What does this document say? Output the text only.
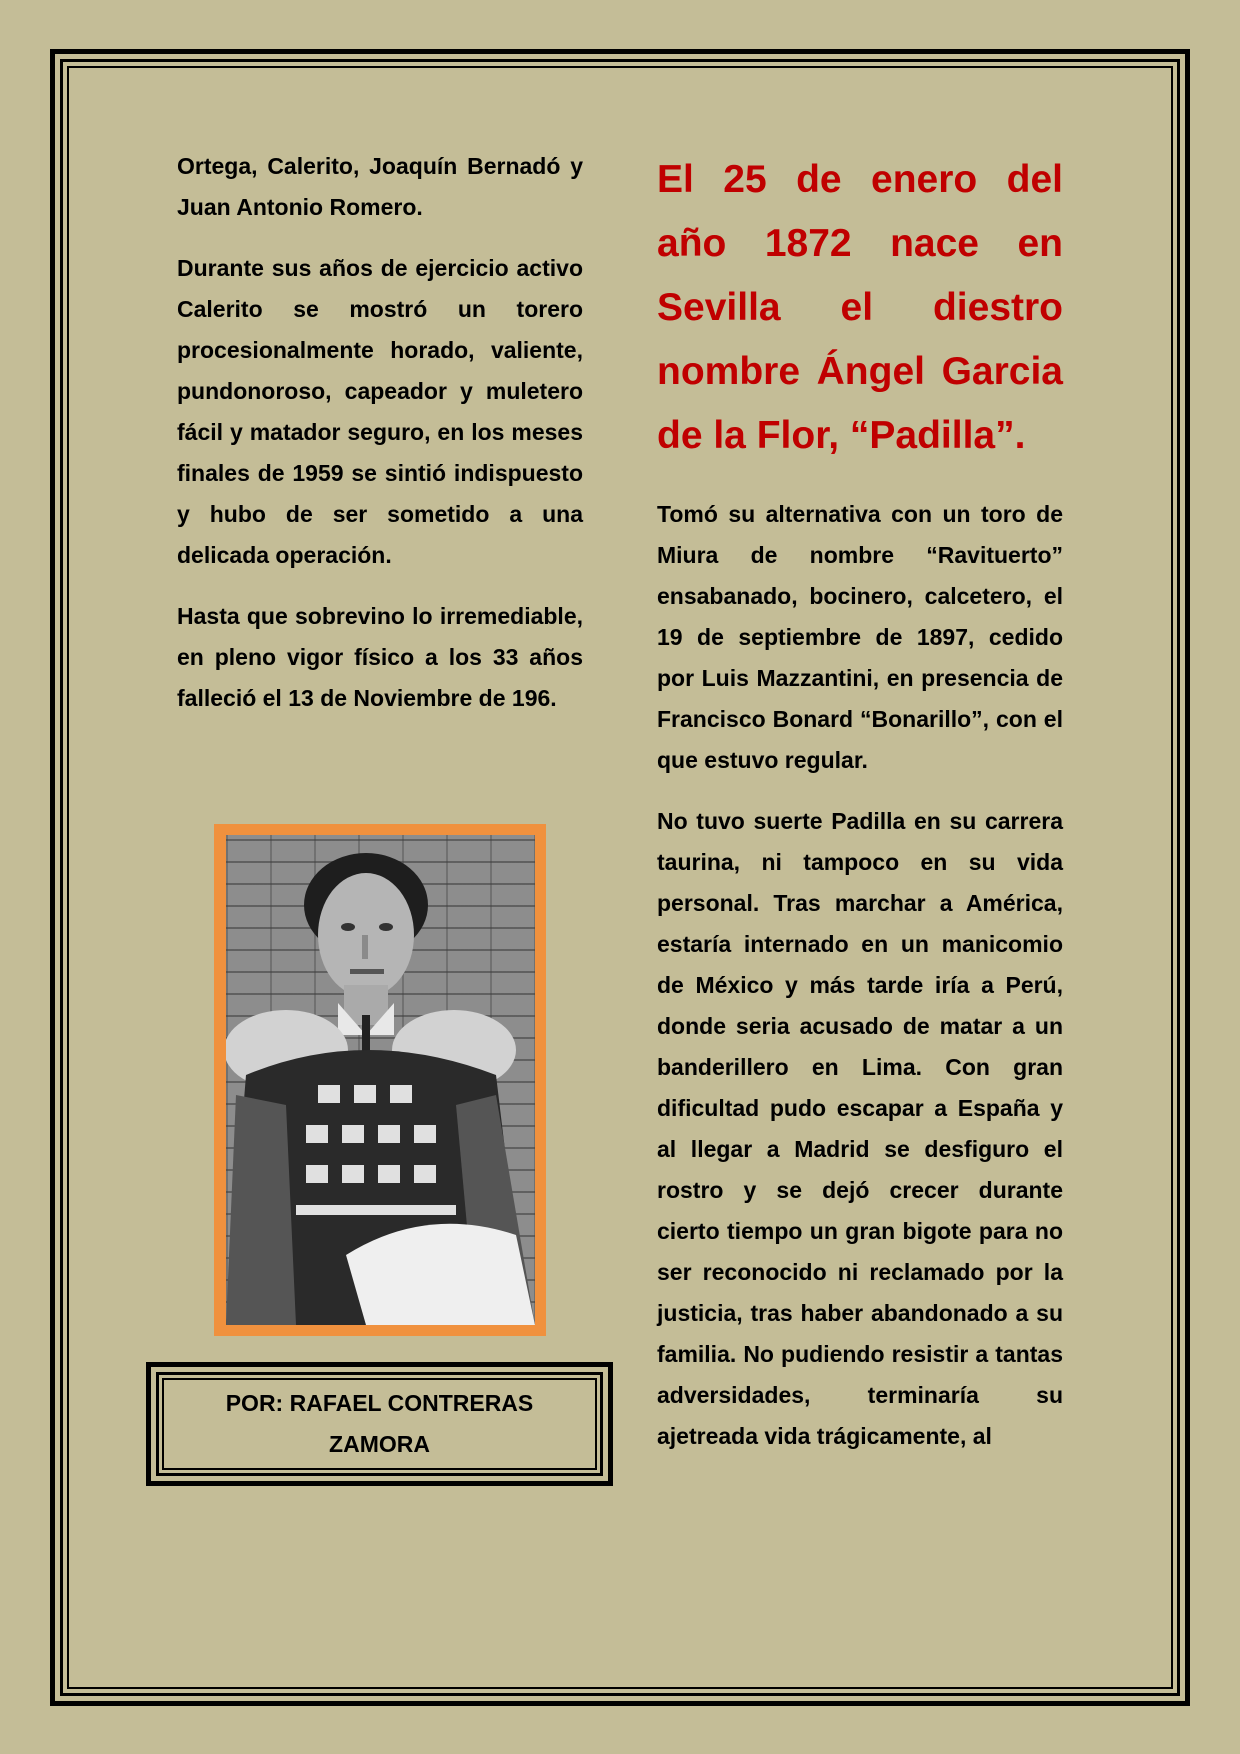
Ortega, Calerito, Joaquín Bernadó y Juan Antonio Romero.

Durante sus años de ejercicio activo Calerito se mostró un torero procesionalmente horado, valiente, pundonoroso, capeador y muletero fácil y matador seguro, en los meses finales de 1959 se sintió indispuesto y hubo de ser sometido a una delicada operación.

Hasta que sobrevino lo irremediable, en pleno vigor físico a los 33 años falleció el 13 de Noviembre de 196.

POR: RAFAEL CONTRERAS ZAMORA
El 25 de enero del año 1872 nace en Sevilla el diestro nombre Ángel Garcia de la Flor, “Padilla”.

Tomó su alternativa con un toro de Miura de nombre “Ravituerto” ensabanado, bocinero, calcetero, el 19 de septiembre de 1897, cedido por Luis Mazzantini, en presencia de Francisco Bonard “Bonarillo”, con el que estuvo regular.

No tuvo suerte Padilla en su carrera taurina, ni tampoco en su vida personal. Tras marchar a América, estaría internado en un manicomio de México y más tarde iría a Perú, donde seria acusado de matar a un banderillero en Lima. Con gran dificultad pudo escapar a España y al llegar a Madrid se desfiguro el rostro y se dejó crecer durante cierto tiempo un gran bigote para no ser reconocido ni reclamado por la justicia, tras haber abandonado a su familia. No pudiendo resistir a tantas adversidades, terminaría su ajetreada vida trágicamente, al
